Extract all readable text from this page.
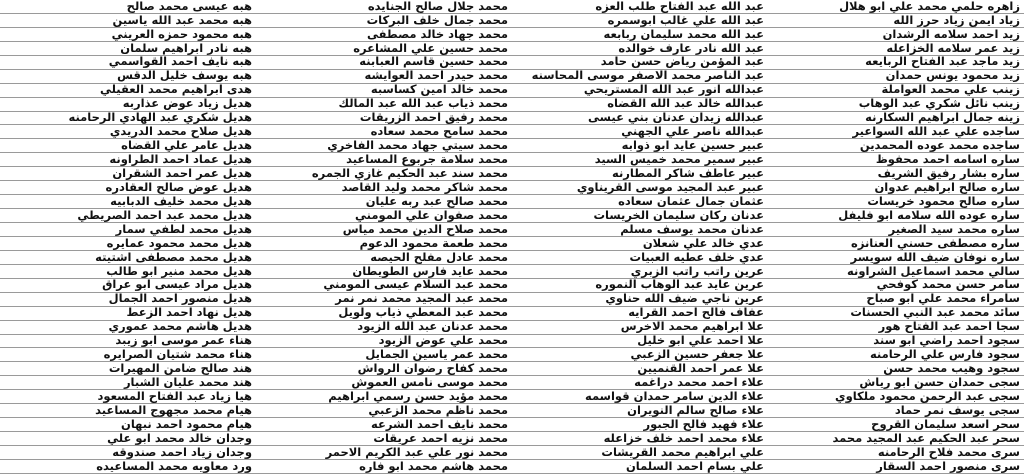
زاهره حلمي محمد علي ابو هلال
زياد ايمن زياد حرز الله
زيد احمد سلامه الرشدان
زيد عمر سلامه الخزاعله
زيد ماجد عبد الفتاح الربايعه
زيد محمود يونس حمدان
زينب علي محمد العواملة
زينب نائل شكري عبد الوهاب
زينه جمال ابراهيم السكارنه
ساجده علي عبد الله السواعير
ساجده محمد عوده المحمدين
ساره اسامه احمد محفوظ
ساره بشار رفيق الشريف
ساره صالح ابراهيم عدوان
ساره صالح محمود خريسات
ساره عوده الله سلامه ابو فليفل
ساره محمد سيد الصغير
ساره مصطفى حسني العنانزه
ساره نوفان ضيف الله سويسر
سالي محمد اسماعيل الشراونه
سامر حسن محمد كوفحي
سامراء محمد علي ابو صباح
سائد محمد عبد النبي الحسنات
سجا احمد عبد الفتاح هور
سجود احمد راضي ابو سند
سجود فارس علي الرحامنه
سجود وهيب محمد حسن
سجى حمدان حسن ابو رياش
سجى عبد الرحمن محمود ملكاوي
سجى يوسف نمر حماد
سحر اسعد سليمان القروح
سحر عبد الحكيم عبد المجيد محمد
سرى محمد فلاح الرحامنه
سرى منصور احمد السقار
عبد الله عبد الفتاح طلب العزه
عبد الله علي غالب ابوسمره
عبد الله محمد سليمان ربابعه
عبد الله نادر عارف خوالده
عبد المؤمن رياض حسن حامد
عبد الناصر محمد الاصفر موسى المحاسنه
عبدالله انور عبد الله المستريحي
عبدالله خالد عبد الله القضاه
عبدالله زيدان عدنان بني عيسى
عبدالله ناصر علي الجهني
عبير حسين عايد ابو ذوابه
عبير سمير محمد خميس السيد
عبير عاطف شاكر المطارنه
عبير عبد المجيد موسى القريناوي
عثمان جمال عثمان سعاده
عدنان ركان سليمان الخريسات
عدنان محمد يوسف مسلم
عدي خالد علي شعلان
عدي خلف عطيه العبيات
عرين راتب راتب الزبري
عرين عايد عبد الوهاب النموره
عرين ناجي ضيف الله حناوي
عفاف فالح احمد القرايه
علا ابراهيم محمد الاخرس
علا احمد علي ابو خليل
علا جعفر حسين الزعبي
علا عمر احمد القنميين
علاء احمد محمد دراغمه
علاء الدين سامر حمدان قواسمه
علاء صالح سالم النويران
علاء فهيد فالح الجبور
علاء محمد احمد خلف خزاعله
علي ابراهيم محمد القريشات
علي بسام احمد السلمان
محمد جلال صالح الجنايده
محمد جمال خلف البركات
محمد جهاد خالد مصطفى
محمد حسين علي المشاعره
محمد حسين قاسم العبابنه
محمد حيدر احمد العوايشه
محمد خالد امين كساسبه
محمد ذياب عبد الله عبد المالك
محمد رفيق احمد الزريقات
محمد سامح محمد سعاده
محمد سيتي جهاد محمد الفاخري
محمد سلامة جربوع المساعيد
محمد سند عبد الحكيم غازي الجمره
محمد شاكر محمد وليد القاصد
محمد صالح عبد ربه عليان
محمد صفوان علي المومني
محمد صلاح الدين محمد مياس
محمد طعمة محمود الدعوم
محمد عادل مفلح الحيصه
محمد عايد فارس الطويطان
محمد عبد السلام عيسى المومني
محمد عبد المجيد محمد نمر نمر
محمد عبد المعطي ذياب ولويل
محمد عدنان عبد الله الزيود
محمد علي عوض الزيود
محمد عمر ياسين الجمايل
محمد كفاح رضوان الرواش
محمد موسى نامس العموش
محمد مؤيد حسن رسمي ابراهيم
محمد ناظم محمد الزعبي
محمد نايف احمد الشرعه
محمد نزيه احمد عريقات
محمد نور علي عبد الكريم الاحمر
محمد هاشم محمد ابو فاره
هبه عيسى محمد صالح
هبه محمد عبد الله ياسين
هبه محمود حمزه العريني
هبه نادر ابراهيم سلمان
هبه نايف احمد القواسمي
هبه يوسف خليل الدقس
هدى ابراهيم محمد العقيلي
هديل زياد عوض عذاربه
هديل شكري عبد الهادي الرحامنه
هديل صلاح محمد الدريدي
هديل عامر علي القضاه
هديل عماد احمد الطراونه
هديل عمر احمد الشقران
هديل عوض صالح العقادره
هديل محمد خليف الدبابيه
هديل محمد عبد احمد الصريطي
هديل محمد لطفي سمار
هديل محمد محمود عمايره
هديل محمد مصطفى اشتيته
هديل محمد منير ابو طالب
هديل مراد عيسى ابو عراق
هديل منصور احمد الجمال
هديل نهاد احمد الزعط
هديل هاشم محمد عموري
هناء عمر موسى ابو زيبد
هناء محمد شتيان الصرايره
هند صالح ضامن المهيرات
هند محمد عليان الشبار
هيا زياد عبد الفتاح المسعود
هيام محمد مجهوج المساعيد
هيام محمود احمد نبهان
وجدان خالد محمد ابو علي
وجدان زياد احمد صندوقه
ورد معاويه محمد المساعيده
